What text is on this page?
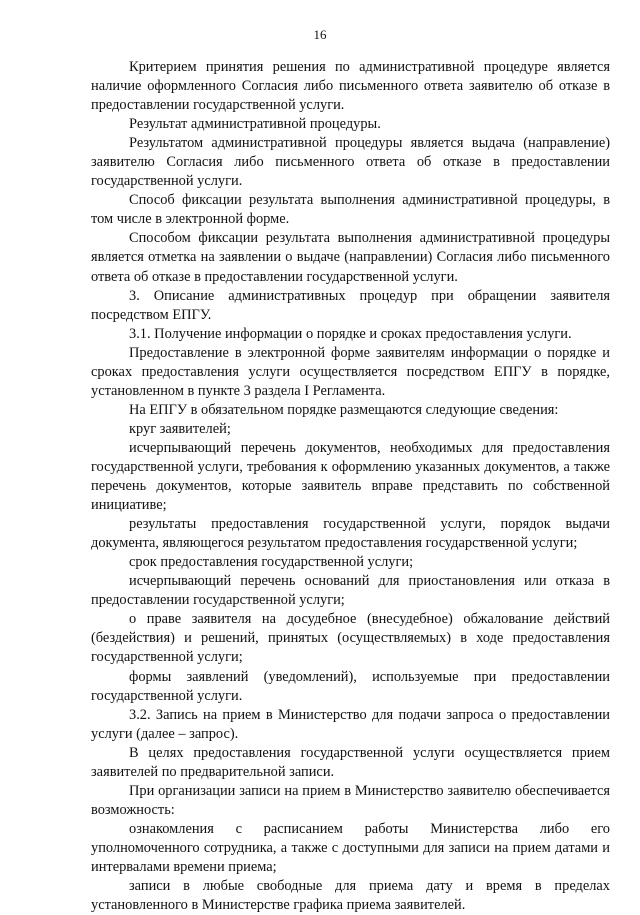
16

Критерием принятия решения по административной процедуре является наличие оформленного Согласия либо письменного ответа заявителю об отказе в предоставлении государственной услуги.

Результат административной процедуры.

Результатом административной процедуры является выдача (направление) заявителю Согласия либо письменного ответа об отказе в предоставлении государственной услуги.

Способ фиксации результата выполнения административной процедуры, в том числе в электронной форме.

Способом фиксации результата выполнения административной процедуры является отметка на заявлении о выдаче (направлении) Согласия либо письменного ответа об отказе в предоставлении государственной услуги.

3. Описание административных процедур при обращении заявителя посредством ЕПГУ.

3.1. Получение информации о порядке и сроках предоставления услуги.

Предоставление в электронной форме заявителям информации о порядке и сроках предоставления услуги осуществляется посредством ЕПГУ в порядке, установленном в пункте 3 раздела I Регламента.

На ЕПГУ в обязательном порядке размещаются следующие сведения:

круг заявителей;

исчерпывающий перечень документов, необходимых для предоставления государственной услуги, требования к оформлению указанных документов, а также перечень документов, которые заявитель вправе представить по собственной инициативе;

результаты предоставления государственной услуги, порядок выдачи документа, являющегося результатом предоставления государственной услуги;

срок предоставления государственной услуги;

исчерпывающий перечень оснований для приостановления или отказа в предоставлении государственной услуги;

о праве заявителя на досудебное (внесудебное) обжалование действий (бездействия) и решений, принятых (осуществляемых) в ходе предоставления государственной услуги;

формы заявлений (уведомлений), используемые при предоставлении государственной услуги.

3.2. Запись на прием в Министерство для подачи запроса о предоставлении услуги (далее – запрос).

В целях предоставления государственной услуги осуществляется прием заявителей по предварительной записи.

При организации записи на прием в Министерство заявителю обеспечивается возможность:

ознакомления с расписанием работы Министерства либо его уполномоченного сотрудника, а также с доступными для записи на прием датами и интервалами времени приема;

записи в любые свободные для приема дату и время в пределах установленного в Министерстве графика приема заявителей.
